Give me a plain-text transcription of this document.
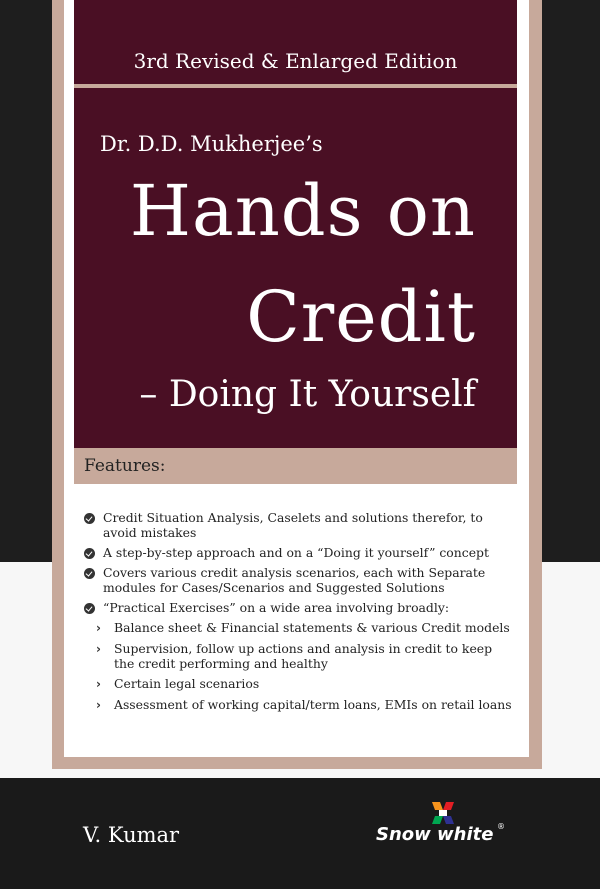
3rd Revised & Enlarged Edition
Dr. D.D. Mukherjee’s
Hands on
Credit
– Doing It Yourself
Features:
Credit Situation Analysis, Caselets and solutions therefor, to avoid mistakes
A step-by-step approach and on a “Doing it yourself” concept
Covers various credit analysis scenarios, each with Separate modules for Cases/Scenarios and Suggested Solutions
“Practical Exercises” on a wide area involving broadly:
›	Balance sheet & Financial statements & various Credit models
›	Supervision, follow up actions and analysis in credit to keep the credit performing and healthy
›	Certain legal scenarios
›	Assessment of working capital/term loans, EMIs on retail loans
V. Kumar	Snow white ®
